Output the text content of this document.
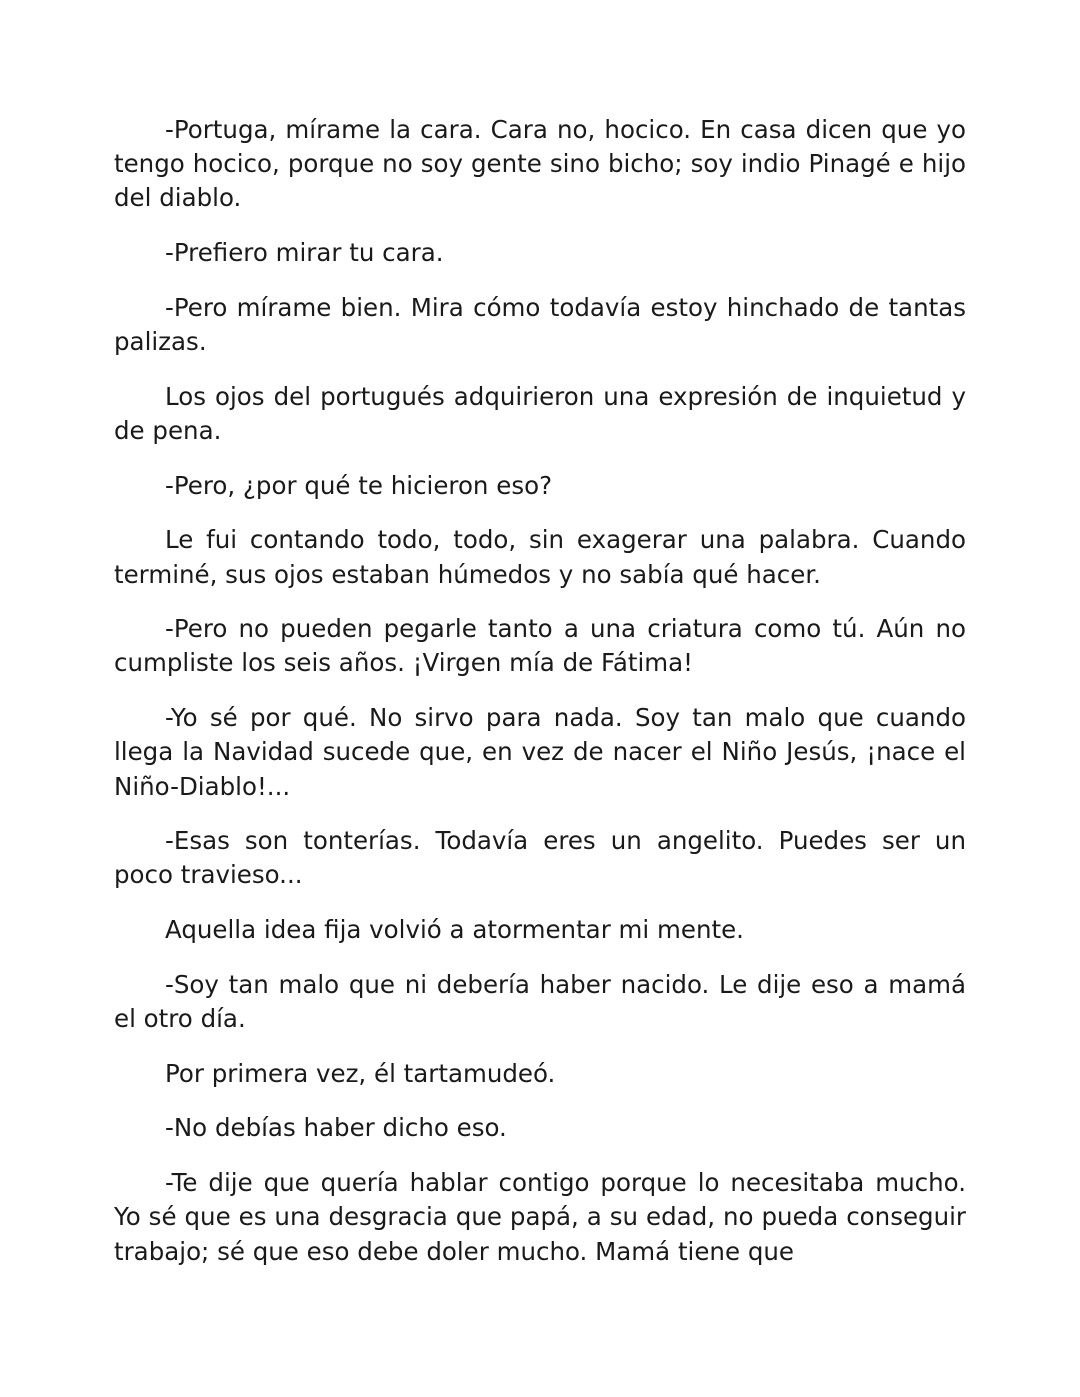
-Portuga, mírame la cara. Cara no, hocico. En casa dicen que yo tengo hocico, porque no soy gente sino bicho; soy indio Pinagé e hijo del diablo.

-Prefiero mirar tu cara.

-Pero mírame bien. Mira cómo todavía estoy hinchado de tantas palizas.

Los ojos del portugués adquirieron una expresión de inquietud y de pena.

-Pero, ¿por qué te hicieron eso?

Le fui contando todo, todo, sin exagerar una palabra. Cuando terminé, sus ojos estaban húmedos y no sabía qué hacer.

-Pero no pueden pegarle tanto a una criatura como tú. Aún no cumpliste los seis años. ¡Virgen mía de Fátima!

-Yo sé por qué. No sirvo para nada. Soy tan malo que cuando llega la Navidad sucede que, en vez de nacer el Niño Jesús, ¡nace el Niño-Diablo!...

-Esas son tonterías. Todavía eres un angelito. Puedes ser un poco travieso...

Aquella idea fija volvió a atormentar mi mente.

-Soy tan malo que ni debería haber nacido. Le dije eso a mamá el otro día.

Por primera vez, él tartamudeó.

-No debías haber dicho eso.

-Te dije que quería hablar contigo porque lo necesitaba mucho. Yo sé que es una desgracia que papá, a su edad, no pueda conseguir trabajo; sé que eso debe doler mucho. Mamá tiene que
